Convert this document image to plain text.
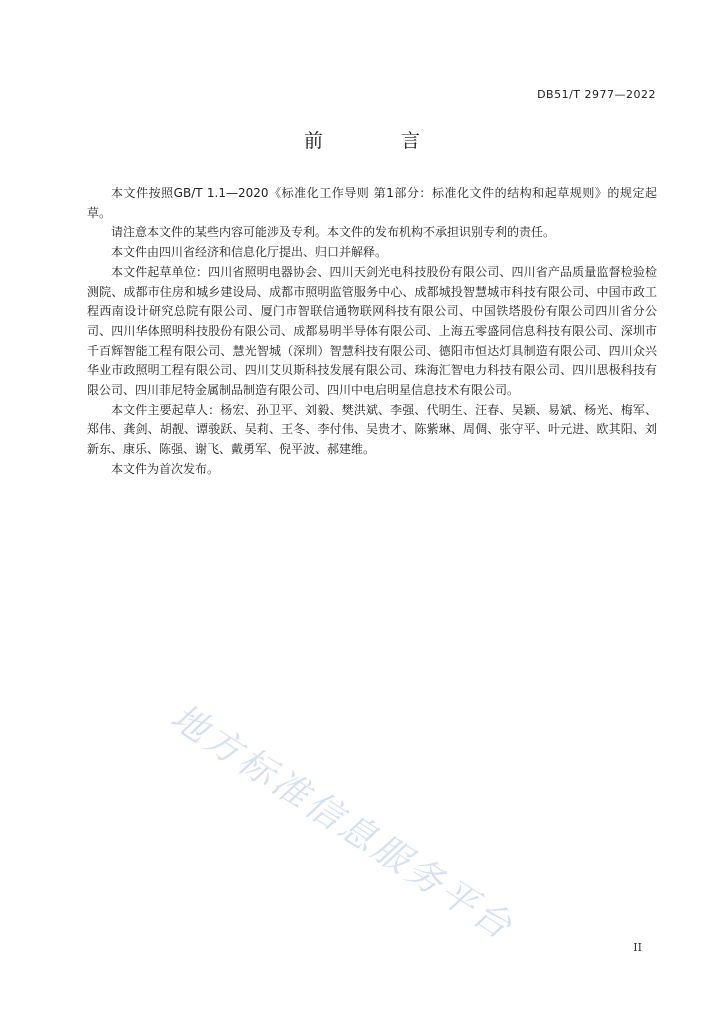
DB51/T 2977—2022
前 言

本文件按照GB/T 1.1—2020《标准化工作导则 第1部分：标准化文件的结构和起草规则》的规定起草。

请注意本文件的某些内容可能涉及专利。本文件的发布机构不承担识别专利的责任。

本文件由四川省经济和信息化厅提出、归口并解释。

本文件起草单位：四川省照明电器协会、四川天剑光电科技股份有限公司、四川省产品质量监督检验检测院、成都市住房和城乡建设局、成都市照明监管服务中心、成都城投智慧城市科技有限公司、中国市政工程西南设计研究总院有限公司、厦门市智联信通物联网科技有限公司、中国铁塔股份有限公司四川省分公司、四川华体照明科技股份有限公司、成都易明半导体有限公司、上海五零盛同信息科技有限公司、深圳市千百辉智能工程有限公司、慧光智城（深圳）智慧科技有限公司、德阳市恒达灯具制造有限公司、四川众兴华业市政照明工程有限公司、四川艾贝斯科技发展有限公司、珠海汇智电力科技有限公司、四川思极科技有限公司、四川菲尼特金属制品制造有限公司、四川中电启明星信息技术有限公司。

本文件主要起草人：杨宏、孙卫平、刘毅、樊洪斌、李强、代明生、汪春、吴颖、易斌、杨光、梅军、郑伟、龚剑、胡靓、谭骏跃、吴莉、王冬、李付伟、吴贵才、陈紫琳、周倜、张守平、叶元进、欧其阳、刘新东、康乐、陈强、谢飞、戴勇军、倪平波、郝建维。

本文件为首次发布。

地方标准信息服务平台	II
